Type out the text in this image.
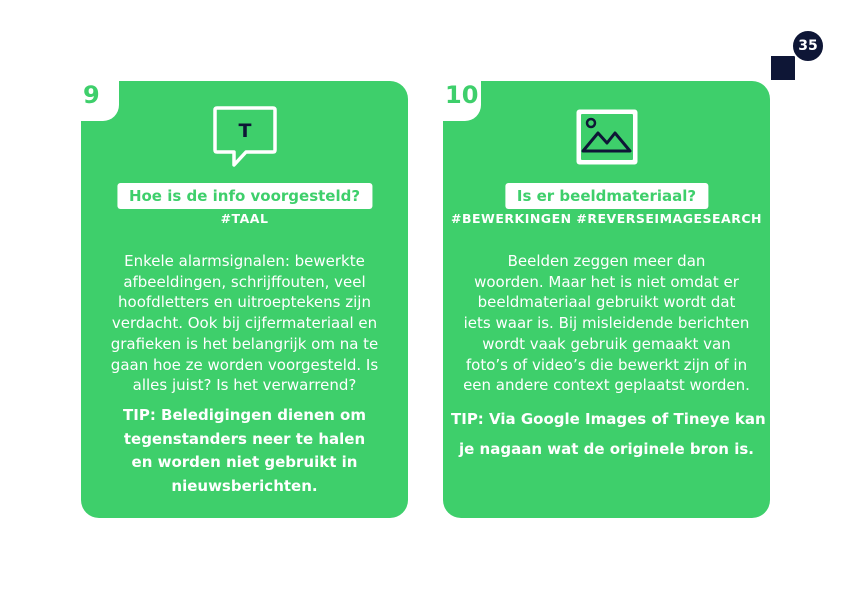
35
9
T
Hoe is de info voorgesteld?
#TAAL
Enkele alarmsignalen: bewerkte
afbeeldingen, schrijffouten, veel
hoofdletters en uitroeptekens zijn
verdacht. Ook bij cijfermateriaal en
grafieken is het belangrijk om na te
gaan hoe ze worden voorgesteld. Is
alles juist? Is het verwarrend?
TIP: Beledigingen dienen om
tegenstanders neer te halen
en worden niet gebruikt in
nieuwsberichten.
10
Is er beeldmateriaal?
#BEWERKINGEN #REVERSEIMAGESEARCH
Beelden zeggen meer dan
woorden. Maar het is niet omdat er
beeldmateriaal gebruikt wordt dat
iets waar is. Bij misleidende berichten
wordt vaak gebruik gemaakt van
foto’s of video’s die bewerkt zijn of in
een andere context geplaatst worden.
TIP: Via Google Images of Tineye kan
je nagaan wat de originele bron is.
